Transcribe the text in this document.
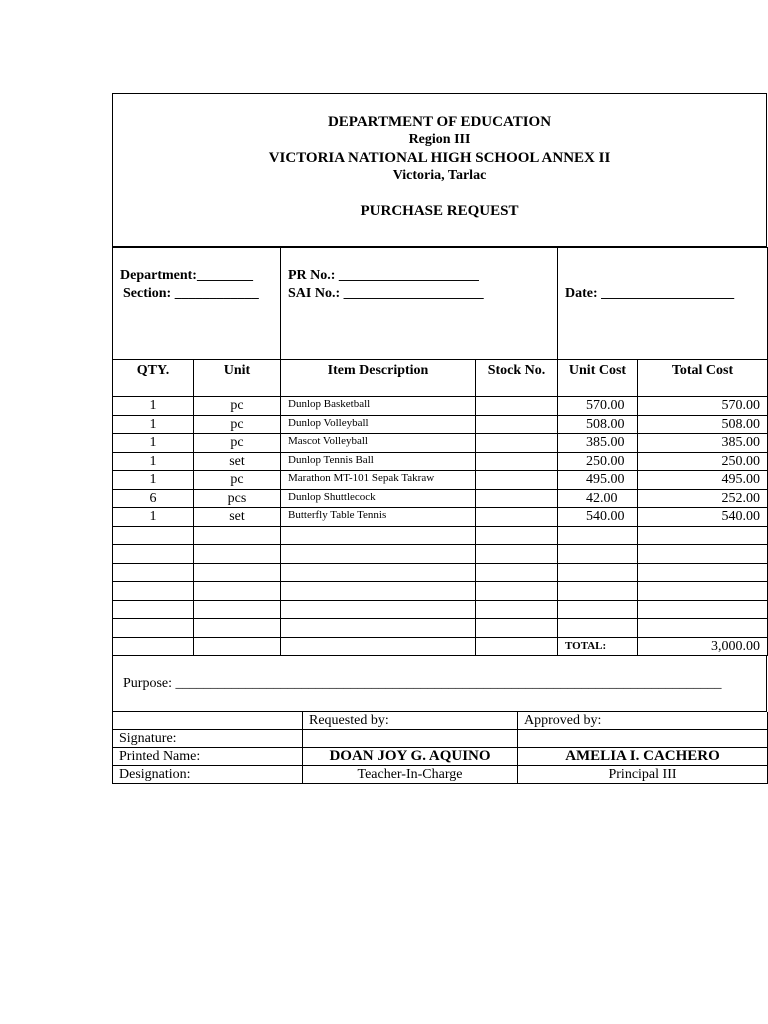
DEPARTMENT OF EDUCATION
Region III
VICTORIA NATIONAL HIGH SCHOOL ANNEX II
Victoria, Tarlac
PURCHASE REQUEST
Department:________
Section: ____________

PR No.: ____________________
SAI No.: ____________________	Date: ___________________
QTY.	Unit	Item Description	Stock No.	Unit Cost	Total Cost
1	pc	Dunlop Basketball		570.00	570.00
1	pc	Dunlop Volleyball		508.00	508.00
1	pc	Mascot Volleyball		385.00	385.00
1	set	Dunlop Tennis Ball		250.00	250.00
1	pc	Marathon MT-101 Sepak Takraw		495.00	495.00
6	pcs	Dunlop Shuttlecock		42.00	252.00
1	set	Butterfly Table Tennis		540.00	540.00

				TOTAL:	3,000.00
Purpose: ______________________________________________________________________________
	Requested by:	Approved by:
Signature:		
Printed Name:	DOAN JOY G. AQUINO	AMELIA I. CACHERO
Designation:	Teacher-In-Charge	Principal III
